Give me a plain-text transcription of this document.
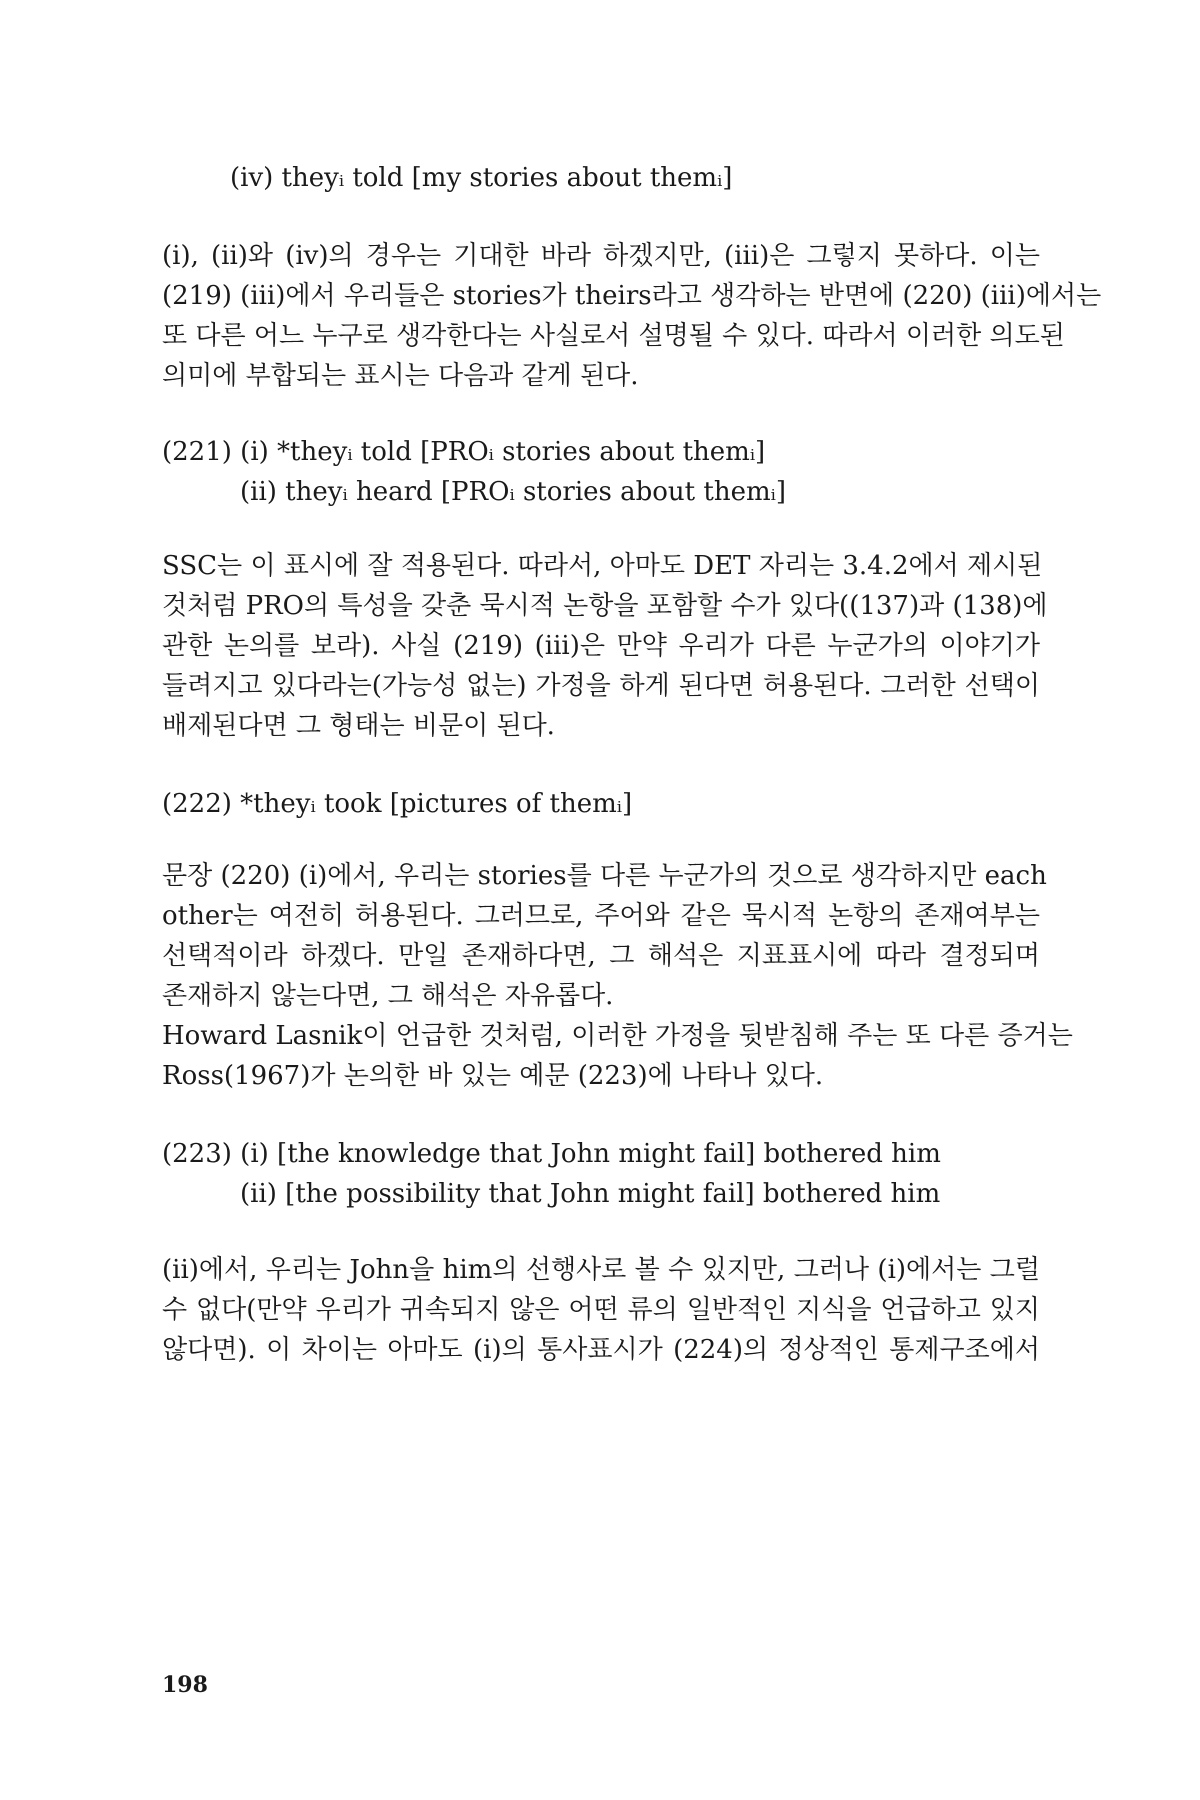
(iv) theyᵢ told [my stories about themᵢ]
(i), (ii)와 (iv)의 경우는 기대한 바라 하겠지만, (iii)은 그렇지 못하다. 이는
(219) (iii)에서 우리들은 stories가 theirs라고 생각하는 반면에 (220) (iii)에서는
또 다른 어느 누구로 생각한다는 사실로서 설명될 수 있다. 따라서 이러한 의도된
의미에 부합되는 표시는 다음과 같게 된다.
(221) (i) *theyᵢ told [PROᵢ stories about themᵢ]
(ii) theyᵢ heard [PROᵢ stories about themᵢ]
SSC는 이 표시에 잘 적용된다. 따라서, 아마도 DET 자리는 3.4.2에서 제시된
것처럼 PRO의 특성을 갖춘 묵시적 논항을 포함할 수가 있다((137)과 (138)에
관한 논의를 보라). 사실 (219) (iii)은 만약 우리가 다른 누군가의 이야기가
들려지고 있다라는(가능성 없는) 가정을 하게 된다면 허용된다. 그러한 선택이
배제된다면 그 형태는 비문이 된다.
(222) *theyᵢ took [pictures of themᵢ]
문장 (220) (i)에서, 우리는 stories를 다른 누군가의 것으로 생각하지만 each
other는 여전히 허용된다. 그러므로, 주어와 같은 묵시적 논항의 존재여부는
선택적이라 하겠다. 만일 존재하다면, 그 해석은 지표표시에 따라 결정되며
존재하지 않는다면, 그 해석은 자유롭다.
Howard Lasnik이 언급한 것처럼, 이러한 가정을 뒷받침해 주는 또 다른 증거는
Ross(1967)가 논의한 바 있는 예문 (223)에 나타나 있다.
(223) (i) [the knowledge that John might fail] bothered him
(ii) [the possibility that John might fail] bothered him
(ii)에서, 우리는 John을 him의 선행사로 볼 수 있지만, 그러나 (i)에서는 그럴
수 없다(만약 우리가 귀속되지 않은 어떤 류의 일반적인 지식을 언급하고 있지
않다면). 이 차이는 아마도 (i)의 통사표시가 (224)의 정상적인 통제구조에서
198
